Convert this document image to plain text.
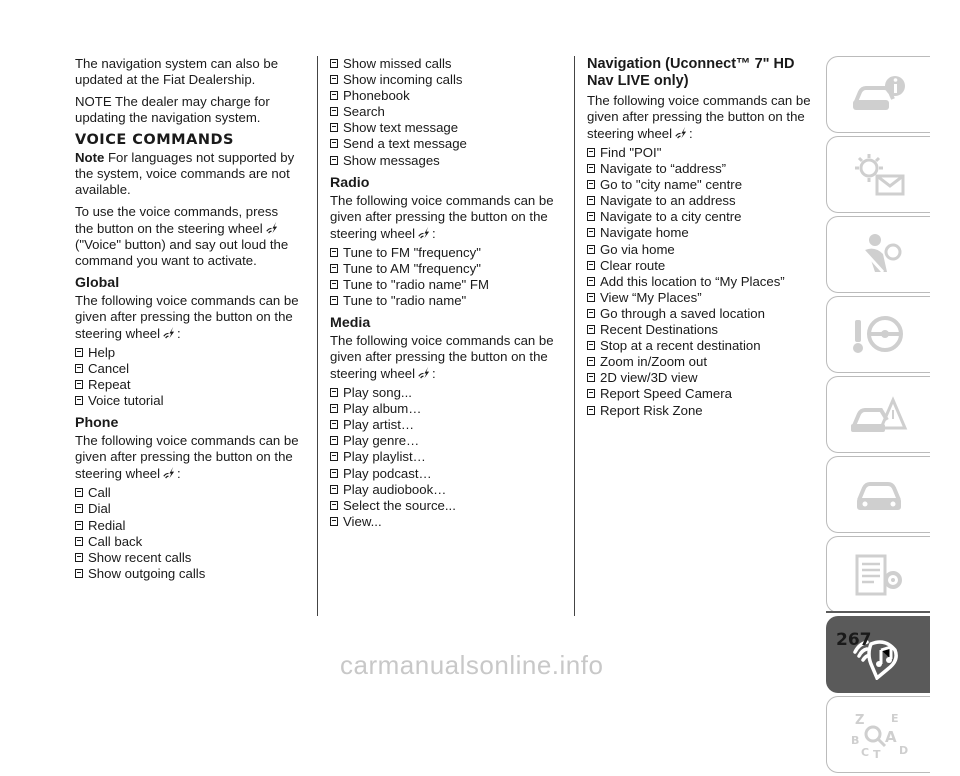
The navigation system can also be updated at the Fiat Dealership.

NOTE The dealer may charge for updating the navigation system.

VOICE COMMANDS

Note For languages not supported by the system, voice commands are not available.

To use the voice commands, press the button on the steering wheel ("Voice" button) and say out loud the command you want to activate.

Global

The following voice commands can be given after pressing the button on the steering wheel :

Help
Cancel
Repeat
Voice tutorial
Phone

The following voice commands can be given after pressing the button on the steering wheel :

Call
Dial
Redial
Call back
Show recent calls
Show outgoing calls
Show missed calls
Show incoming calls
Phonebook
Search
Show text message
Send a text message
Show messages
Radio

The following voice commands can be given after pressing the button on the steering wheel :

Tune to FM "frequency"
Tune to AM "frequency"
Tune to "radio name" FM
Tune to "radio name"
Media

The following voice commands can be given after pressing the button on the steering wheel :

Play song...
Play album…
Play artist…
Play genre…
Play playlist…
Play podcast…
Play audiobook…
Select the source...
View...
Navigation (Uconnect™ 7" HD Nav LIVE only)

The following voice commands can be given after pressing the button on the steering wheel :

Find "POI"
Navigate to “address”
Go to "city name" centre
Navigate to an address
Navigate to a city centre
Navigate home
Go via home
Clear route
Add this location to “My Places”
View “My Places”
Go through a saved location
Recent Destinations
Stop at a recent destination
Zoom in/Zoom out
2D view/3D view
Report Speed Camera
Report Risk Zone
Z E
B A
C T D
267
carmanualsonline.info
